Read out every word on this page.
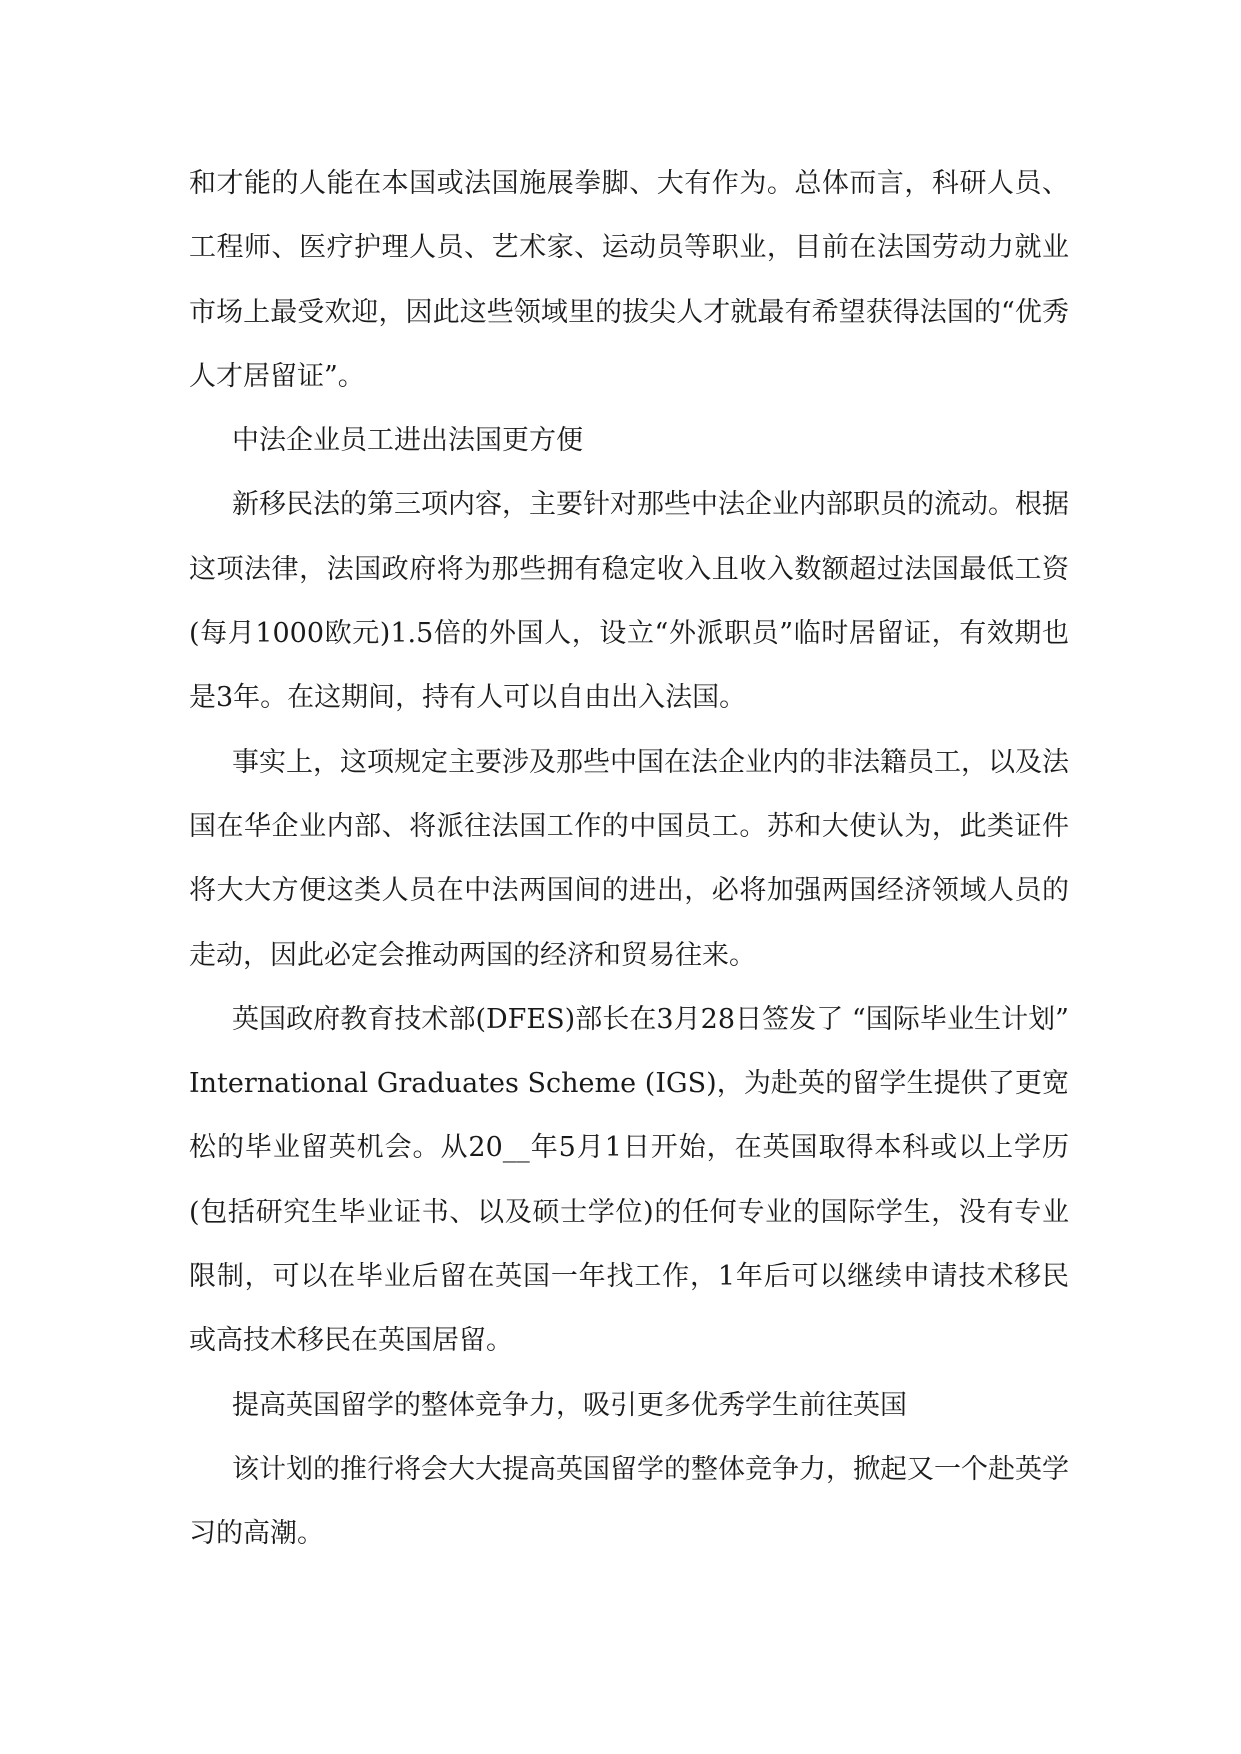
和才能的人能在本国或法国施展拳脚、大有作为。总体而言，科研人员、工程师、医疗护理人员、艺术家、运动员等职业，目前在法国劳动力就业市场上最受欢迎，因此这些领域里的拔尖人才就最有希望获得法国的“优秀人才居留证”。

中法企业员工进出法国更方便

新移民法的第三项内容，主要针对那些中法企业内部职员的流动。根据这项法律，法国政府将为那些拥有稳定收入且收入数额超过法国最低工资(每月1000欧元)1.5倍的外国人，设立“外派职员”临时居留证，有效期也是3年。在这期间，持有人可以自由出入法国。

事实上，这项规定主要涉及那些中国在法企业内的非法籍员工，以及法国在华企业内部、将派往法国工作的中国员工。苏和大使认为，此类证件将大大方便这类人员在中法两国间的进出，必将加强两国经济领域人员的走动，因此必定会推动两国的经济和贸易往来。

英国政府教育技术部(DFES)部长在3月28日签发了 “国际毕业生计划” International Graduates Scheme (IGS)，为赴英的留学生提供了更宽松的毕业留英机会。从20__年5月1日开始，在英国取得本科或以上学历(包括研究生毕业证书、以及硕士学位)的任何专业的国际学生，没有专业限制，可以在毕业后留在英国一年找工作，1年后可以继续申请技术移民或高技术移民在英国居留。

提高英国留学的整体竞争力，吸引更多优秀学生前往英国

该计划的推行将会大大提高英国留学的整体竞争力，掀起又一个赴英学习的高潮。
